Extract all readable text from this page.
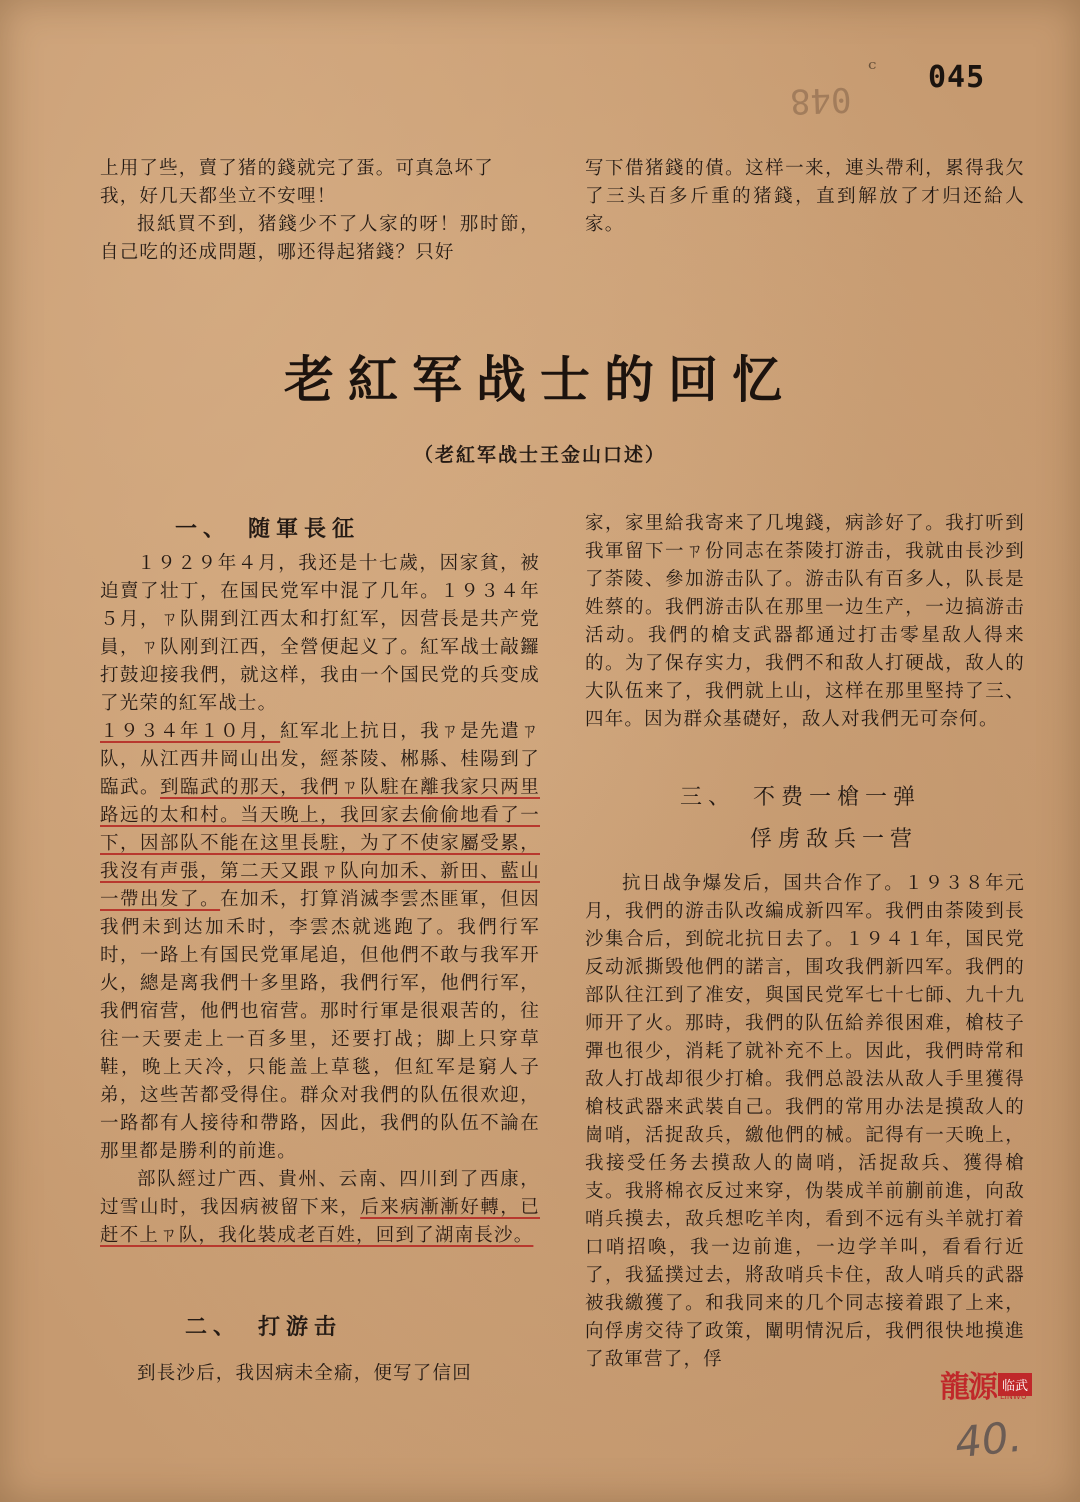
048
ᶜ 045

上用了些，賣了猪的錢就完了蛋。可真急坏了

我，好几天都坐立不安哩！

报紙買不到，猪錢少不了人家的呀！那时節，自己吃的还成問題，哪还得起猪錢？只好

写下借猪錢的債。这样一来，連头帶利，累得我欠了三头百多斤重的猪錢，直到解放了才归还給人家。

老紅军战士的回忆
（老紅军战士王金山口述）
一、　随軍長征

１９２９年４月，我还是十七歲，因家貧，被迫賣了壮丁，在国民党军中混了几年。１９３４年５月，ㄗ队開到江西太和打紅军，因营長是共产党員，ㄗ队刚到江西，全營便起义了。紅军战士敲鑼打鼓迎接我們，就这样，我由一个国民党的兵变成了光荣的紅军战士。

１９３４年１０月，紅军北上抗日，我ㄗ是先遣ㄗ队，从江西井岡山出发，經茶陵、郴縣、桂陽到了臨武。到臨武的那天，我們ㄗ队駐在離我家只两里路远的太和村。当天晚上，我回家去偷偷地看了一下，因部队不能在这里長駐，为了不使家屬受累，我沒有声張，第二天又跟ㄗ队向加禾、新田、藍山一帶出发了。在加禾，打算消滅李雲杰匪軍，但因我們未到达加禾时，李雲杰就逃跑了。我們行军时，一路上有国民党軍尾追，但他們不敢与我军开火，總是离我們十多里路，我們行军，他們行军，我們宿营，他們也宿营。那时行軍是很艰苦的，往往一天要走上一百多里，还要打战；脚上只穿草鞋，晚上天冷，只能盖上草毯，但紅军是窮人子弟，这些苦都受得住。群众对我們的队伍很欢迎，一路都有人接待和帶路，因此，我們的队伍不論在那里都是勝利的前進。

部队經过广西、貴州、云南、四川到了西康，过雪山时，我因病被留下来，后来病漸漸好轉，已赶不上ㄗ队，我化裝成老百姓，回到了湖南長沙。

二、　打游击

到長沙后，我因病未全瘉，便写了信回

家，家里給我寄来了几塊錢，病診好了。我打听到我軍留下一ㄗ份同志在荼陵打游击，我就由長沙到了荼陵、參加游击队了。游击队有百多人，队長是姓蔡的。我們游击队在那里一边生产，一边搞游击活动。我們的槍支武器都通过打击零星敌人得来的。为了保存实力，我們不和敌人打硬战，敌人的大队伍来了，我們就上山，这样在那里堅持了三、四年。因为群众基礎好，敌人对我們无可奈何。

三、　不费一槍一弹
俘虏敌兵一营

抗日战争爆发后，国共合作了。１９３８年元月，我們的游击队改編成新四军。我們由荼陵到長沙集合后，到皖北抗日去了。１９４１年，国民党反动派撕毁他們的諾言，围攻我們新四军。我們的部队往江到了准安，與国民党军七十七師、九十九师开了火。那時，我們的队伍給养很困难，槍枝子彈也很少，消耗了就补充不上。因此，我們時常和敌人打战却很少打槍。我們总設法从敌人手里獲得槍枝武器来武裝自己。我們的常用办法是摸敌人的崗哨，活捉敌兵，繳他們的械。記得有一天晚上，我接受任务去摸敌人的崗哨，活捉敌兵、獲得槍支。我將棉衣反过来穿，伪裝成羊前蒯前進，向敌哨兵摸去，敌兵想吃羊肉，看到不远有头羊就打着口哨招喚，我一边前進，一边学羊叫，看看行近了，我猛撲过去，將敌哨兵卡住，敌人哨兵的武器被我繳獲了。和我同来的几个同志接着跟了上来，向俘虏交待了政策，闡明情況后，我們很快地摸進了敌軍营了，俘

龍源 临武
LINWU
40.
